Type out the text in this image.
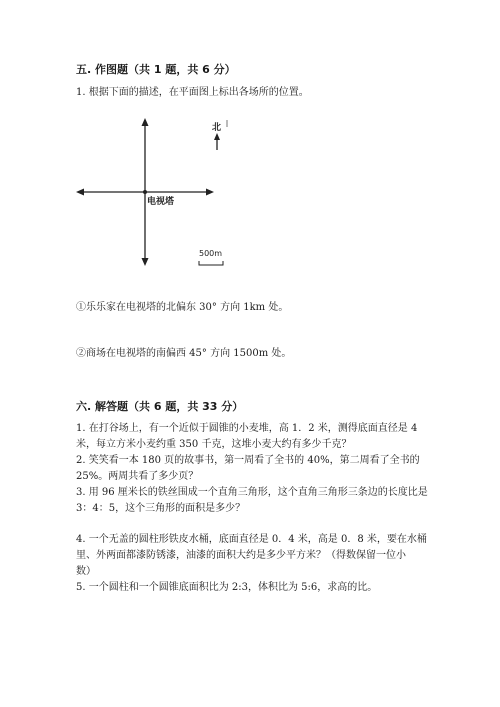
五. 作图题（共 1 题，共 6 分）
1. 根据下面的描述，在平面图上标出各场所的位置。
电视塔
北
500m
①乐乐家在电视塔的北偏东 30° 方向 1km 处。
②商场在电视塔的南偏西 45° 方向 1500m 处。
六. 解答题（共 6 题，共 33 分）
1. 在打谷场上，有一个近似于圆锥的小麦堆，高 1．2 米，测得底面直径是 4
米，每立方米小麦约重 350 千克，这堆小麦大约有多少千克？
2. 笑笑看一本 180 页的故事书，第一周看了全书的 40%，第二周看了全书的
25%。两周共看了多少页？
3. 用 96 厘米长的铁丝围成一个直角三角形，这个直角三角形三条边的长度比是
3：4：5，这个三角形的面积是多少？
4. 一个无盖的圆柱形铁皮水桶，底面直径是 0．4 米，高是 0．8 米，要在水桶
里、外两面都漆防锈漆，油漆的面积大约是多少平方米？（得数保留一位小
数）
5. 一个圆柱和一个圆锥底面积比为 2:3，体积比为 5:6，求高的比。
